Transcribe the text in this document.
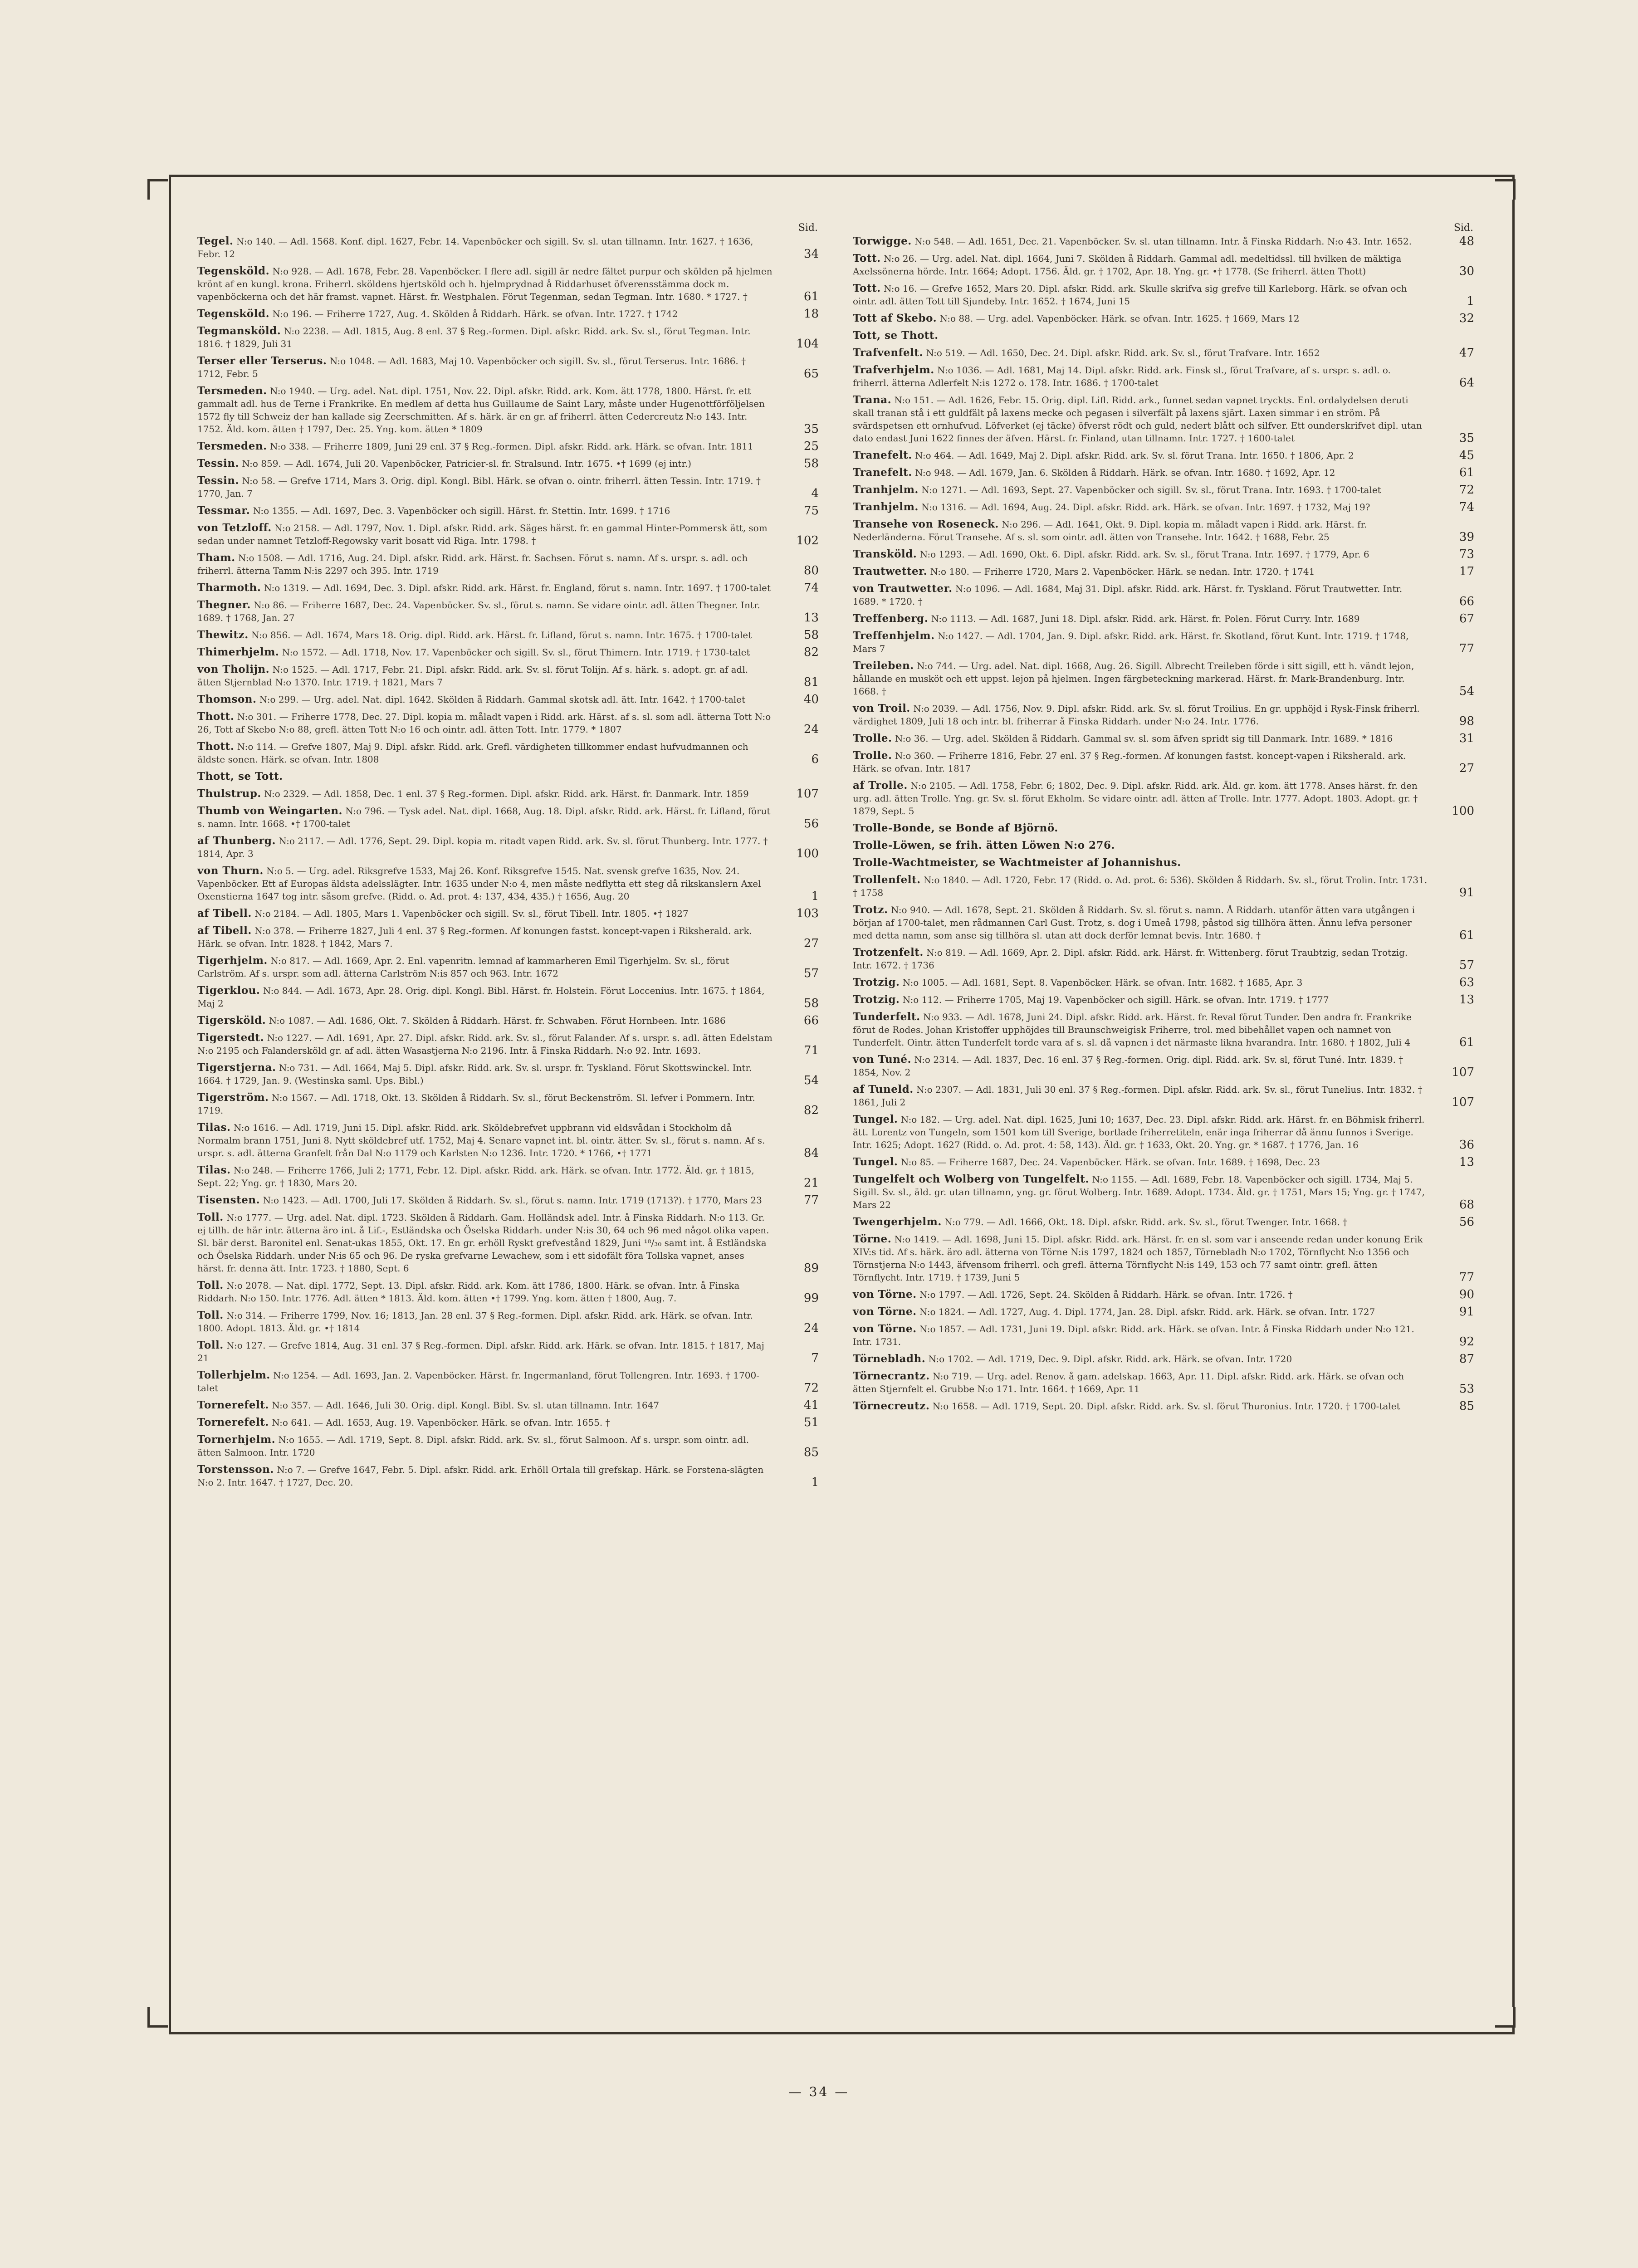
Sid.
Tegel. N:o 140. — Adl. 1568. Konf. dipl. 1627, Febr. 14. Vapenböcker och sigill. Sv. sl. utan tillnamn. Intr. 1627. † 1636, Febr. 12	34
Tegensköld. N:o 928. — Adl. 1678, Febr. 28. Vapenböcker. I flere adl. sigill är nedre fältet purpur och skölden på hjelmen krönt af en kungl. krona. Friherrl. sköldens hjertsköld och h. hjelmprydnad å Riddarhuset öfverensstämma dock m. vapenböckerna och det här framst. vapnet. Härst. fr. Westphalen. Förut Tegenman, sedan Tegman. Intr. 1680. * 1727. †	61
Tegensköld. N:o 196. — Friherre 1727, Aug. 4. Skölden å Riddarh. Härk. se ofvan. Intr. 1727. † 1742	18
Tegmansköld. N:o 2238. — Adl. 1815, Aug. 8 enl. 37 § Reg.-formen. Dipl. afskr. Ridd. ark. Sv. sl., förut Tegman. Intr. 1816. † 1829, Juli 31	104
Terser eller Terserus. N:o 1048. — Adl. 1683, Maj 10. Vapenböcker och sigill. Sv. sl., förut Terserus. Intr. 1686. † 1712, Febr. 5	65
Tersmeden. N:o 1940. — Urg. adel. Nat. dipl. 1751, Nov. 22. Dipl. afskr. Ridd. ark. Kom. ätt 1778, 1800. Härst. fr. ett gammalt adl. hus de Terne i Frankrike. En medlem af detta hus Guillaume de Saint Lary, måste under Hugenottförföljelsen 1572 fly till Schweiz der han kallade sig Zeerschmitten. Af s. härk. är en gr. af friherrl. ätten Cedercreutz N:o 143. Intr. 1752. Äld. kom. ätten † 1797, Dec. 25. Yng. kom. ätten * 1809	35
Tersmeden. N:o 338. — Friherre 1809, Juni 29 enl. 37 § Reg.-formen. Dipl. afskr. Ridd. ark. Härk. se ofvan. Intr. 1811	25
Tessin. N:o 859. — Adl. 1674, Juli 20. Vapenböcker, Patricier-sl. fr. Stralsund. Intr. 1675. •† 1699 (ej intr.)	58
Tessin. N:o 58. — Grefve 1714, Mars 3. Orig. dipl. Kongl. Bibl. Härk. se ofvan o. ointr. friherrl. ätten Tessin. Intr. 1719. † 1770, Jan. 7	4
Tessmar. N:o 1355. — Adl. 1697, Dec. 3. Vapenböcker och sigill. Härst. fr. Stettin. Intr. 1699. † 1716	75
von Tetzloff. N:o 2158. — Adl. 1797, Nov. 1. Dipl. afskr. Ridd. ark. Säges härst. fr. en gammal Hinter-Pommersk ätt, som sedan under namnet Tetzloff-Regowsky varit bosatt vid Riga. Intr. 1798. †	102
Tham. N:o 1508. — Adl. 1716, Aug. 24. Dipl. afskr. Ridd. ark. Härst. fr. Sachsen. Förut s. namn. Af s. urspr. s. adl. och friherrl. ätterna Tamm N:is 2297 och 395. Intr. 1719	80
Tharmoth. N:o 1319. — Adl. 1694, Dec. 3. Dipl. afskr. Ridd. ark. Härst. fr. England, förut s. namn. Intr. 1697. † 1700-talet	74
Thegner. N:o 86. — Friherre 1687, Dec. 24. Vapenböcker. Sv. sl., förut s. namn. Se vidare ointr. adl. ätten Thegner. Intr. 1689. † 1768, Jan. 27	13
Thewitz. N:o 856. — Adl. 1674, Mars 18. Orig. dipl. Ridd. ark. Härst. fr. Lifland, förut s. namn. Intr. 1675. † 1700-talet	58
Thimerhjelm. N:o 1572. — Adl. 1718, Nov. 17. Vapenböcker och sigill. Sv. sl., förut Thimern. Intr. 1719. † 1730-talet	82
von Tholijn. N:o 1525. — Adl. 1717, Febr. 21. Dipl. afskr. Ridd. ark. Sv. sl. förut Tolijn. Af s. härk. s. adopt. gr. af adl. ätten Stjernblad N:o 1370. Intr. 1719. † 1821, Mars 7	81
Thomson. N:o 299. — Urg. adel. Nat. dipl. 1642. Skölden å Riddarh. Gammal skotsk adl. ätt. Intr. 1642. † 1700-talet	40
Thott. N:o 301. — Friherre 1778, Dec. 27. Dipl. kopia m. måladt vapen i Ridd. ark. Härst. af s. sl. som adl. ätterna Tott N:o 26, Tott af Skebo N:o 88, grefl. ätten Tott N:o 16 och ointr. adl. ätten Tott. Intr. 1779. * 1807	24
Thott. N:o 114. — Grefve 1807, Maj 9. Dipl. afskr. Ridd. ark. Grefl. värdigheten tillkommer endast hufvudmannen och äldste sonen. Härk. se ofvan. Intr. 1808	6
Thott, se Tott.
Thulstrup. N:o 2329. — Adl. 1858, Dec. 1 enl. 37 § Reg.-formen. Dipl. afskr. Ridd. ark. Härst. fr. Danmark. Intr. 1859	107
Thumb von Weingarten. N:o 796. — Tysk adel. Nat. dipl. 1668, Aug. 18. Dipl. afskr. Ridd. ark. Härst. fr. Lifland, förut s. namn. Intr. 1668. •† 1700-talet	56
af Thunberg. N:o 2117. — Adl. 1776, Sept. 29. Dipl. kopia m. ritadt vapen Ridd. ark. Sv. sl. förut Thunberg. Intr. 1777. † 1814, Apr. 3	100
von Thurn. N:o 5. — Urg. adel. Riksgrefve 1533, Maj 26. Konf. Riksgrefve 1545. Nat. svensk grefve 1635, Nov. 24. Vapenböcker. Ett af Europas äldsta adelsslägter. Intr. 1635 under N:o 4, men måste nedflytta ett steg då rikskanslern Axel Oxenstierna 1647 tog intr. såsom grefve. (Ridd. o. Ad. prot. 4: 137, 434, 435.) † 1656, Aug. 20	1
af Tibell. N:o 2184. — Adl. 1805, Mars 1. Vapenböcker och sigill. Sv. sl., förut Tibell. Intr. 1805. •† 1827	103
af Tibell. N:o 378. — Friherre 1827, Juli 4 enl. 37 § Reg.-formen. Af konungen fastst. koncept-vapen i Riksherald. ark. Härk. se ofvan. Intr. 1828. † 1842, Mars 7.	27
Tigerhjelm. N:o 817. — Adl. 1669, Apr. 2. Enl. vapenritn. lemnad af kammarheren Emil Tigerhjelm. Sv. sl., förut Carlström. Af s. urspr. som adl. ätterna Carlström N:is 857 och 963. Intr. 1672	57
Tigerklou. N:o 844. — Adl. 1673, Apr. 28. Orig. dipl. Kongl. Bibl. Härst. fr. Holstein. Förut Loccenius. Intr. 1675. † 1864, Maj 2	58
Tigersköld. N:o 1087. — Adl. 1686, Okt. 7. Skölden å Riddarh. Härst. fr. Schwaben. Förut Hornbeen. Intr. 1686	66
Tigerstedt. N:o 1227. — Adl. 1691, Apr. 27. Dipl. afskr. Ridd. ark. Sv. sl., förut Falander. Af s. urspr. s. adl. ätten Edelstam N:o 2195 och Falandersköld gr. af adl. ätten Wasastjerna N:o 2196. Intr. å Finska Riddarh. N:o 92. Intr. 1693.	71
Tigerstjerna. N:o 731. — Adl. 1664, Maj 5. Dipl. afskr. Ridd. ark. Sv. sl. urspr. fr. Tyskland. Förut Skottswinckel. Intr. 1664. † 1729, Jan. 9. (Westinska saml. Ups. Bibl.)	54
Tigerström. N:o 1567. — Adl. 1718, Okt. 13. Skölden å Riddarh. Sv. sl., förut Beckenström. Sl. lefver i Pommern. Intr. 1719.	82
Tilas. N:o 1616. — Adl. 1719, Juni 15. Dipl. afskr. Ridd. ark. Sköldebrefvet uppbrann vid eldsvådan i Stockholm då Normalm brann 1751, Juni 8. Nytt sköldebref utf. 1752, Maj 4. Senare vapnet int. bl. ointr. ätter. Sv. sl., förut s. namn. Af s. urspr. s. adl. ätterna Granfelt från Dal N:o 1179 och Karlsten N:o 1236. Intr. 1720. * 1766, •† 1771	84
Tilas. N:o 248. — Friherre 1766, Juli 2; 1771, Febr. 12. Dipl. afskr. Ridd. ark. Härk. se ofvan. Intr. 1772. Äld. gr. † 1815, Sept. 22; Yng. gr. † 1830, Mars 20.	21
Tisensten. N:o 1423. — Adl. 1700, Juli 17. Skölden å Riddarh. Sv. sl., förut s. namn. Intr. 1719 (1713?). † 1770, Mars 23	77
Toll. N:o 1777. — Urg. adel. Nat. dipl. 1723. Skölden å Riddarh. Gam. Holländsk adel. Intr. å Finska Riddarh. N:o 113. Gr. ej tillh. de här intr. ätterna äro int. å Lif.-, Estländska och Öselska Riddarh. under N:is 30, 64 och 96 med något olika vapen. Sl. bär derst. Baronitel enl. Senat-ukas 1855, Okt. 17. En gr. erhöll Ryskt grefvestånd 1829, Juni ¹⁸/₃₀ samt int. å Estländska och Öselska Riddarh. under N:is 65 och 96. De ryska grefvarne Lewachew, som i ett sidofält föra Tollska vapnet, anses härst. fr. denna ätt. Intr. 1723. † 1880, Sept. 6	89
Toll. N:o 2078. — Nat. dipl. 1772, Sept. 13. Dipl. afskr. Ridd. ark. Kom. ätt 1786, 1800. Härk. se ofvan. Intr. å Finska Riddarh. N:o 150. Intr. 1776. Adl. ätten * 1813. Äld. kom. ätten •† 1799. Yng. kom. ätten † 1800, Aug. 7.	99
Toll. N:o 314. — Friherre 1799, Nov. 16; 1813, Jan. 28 enl. 37 § Reg.-formen. Dipl. afskr. Ridd. ark. Härk. se ofvan. Intr. 1800. Adopt. 1813. Äld. gr. •† 1814	24
Toll. N:o 127. — Grefve 1814, Aug. 31 enl. 37 § Reg.-formen. Dipl. afskr. Ridd. ark. Härk. se ofvan. Intr. 1815. † 1817, Maj 21	7
Tollerhjelm. N:o 1254. — Adl. 1693, Jan. 2. Vapenböcker. Härst. fr. Ingermanland, förut Tollengren. Intr. 1693. † 1700-talet	72
Tornerefelt. N:o 357. — Adl. 1646, Juli 30. Orig. dipl. Kongl. Bibl. Sv. sl. utan tillnamn. Intr. 1647	41
Tornerefelt. N:o 641. — Adl. 1653, Aug. 19. Vapenböcker. Härk. se ofvan. Intr. 1655. †	51
Tornerhjelm. N:o 1655. — Adl. 1719, Sept. 8. Dipl. afskr. Ridd. ark. Sv. sl., förut Salmoon. Af s. urspr. som ointr. adl. ätten Salmoon. Intr. 1720	85
Torstensson. N:o 7. — Grefve 1647, Febr. 5. Dipl. afskr. Ridd. ark. Erhöll Ortala till grefskap. Härk. se Forstena-slägten N:o 2. Intr. 1647. † 1727, Dec. 20.	1
Sid.
Torwigge. N:o 548. — Adl. 1651, Dec. 21. Vapenböcker. Sv. sl. utan tillnamn. Intr. å Finska Riddarh. N:o 43. Intr. 1652.	48
Tott. N:o 26. — Urg. adel. Nat. dipl. 1664, Juni 7. Skölden å Riddarh. Gammal adl. medeltidssl. till hvilken de mäktiga Axelssönerna hörde. Intr. 1664; Adopt. 1756. Äld. gr. † 1702, Apr. 18. Yng. gr. •† 1778. (Se friherrl. ätten Thott)	30
Tott. N:o 16. — Grefve 1652, Mars 20. Dipl. afskr. Ridd. ark. Skulle skrifva sig grefve till Karleborg. Härk. se ofvan och ointr. adl. ätten Tott till Sjundeby. Intr. 1652. † 1674, Juni 15	1
Tott af Skebo. N:o 88. — Urg. adel. Vapenböcker. Härk. se ofvan. Intr. 1625. † 1669, Mars 12	32
Tott, se Thott.
Trafvenfelt. N:o 519. — Adl. 1650, Dec. 24. Dipl. afskr. Ridd. ark. Sv. sl., förut Trafvare. Intr. 1652	47
Trafverhjelm. N:o 1036. — Adl. 1681, Maj 14. Dipl. afskr. Ridd. ark. Finsk sl., förut Trafvare, af s. urspr. s. adl. o. friherrl. ätterna Adlerfelt N:is 1272 o. 178. Intr. 1686. † 1700-talet	64
Trana. N:o 151. — Adl. 1626, Febr. 15. Orig. dipl. Lifl. Ridd. ark., funnet sedan vapnet tryckts. Enl. ordalydelsen deruti skall tranan stå i ett guldfält på laxens mecke och pegasen i silverfält på laxens sjärt. Laxen simmar i en ström. På svärdspetsen ett ornhufvud. Löfverket (ej täcke) öfverst rödt och guld, nedert blått och silfver. Ett ounderskrifvet dipl. utan dato endast Juni 1622 finnes der äfven. Härst. fr. Finland, utan tillnamn. Intr. 1727. † 1600-talet	35
Tranefelt. N:o 464. — Adl. 1649, Maj 2. Dipl. afskr. Ridd. ark. Sv. sl. förut Trana. Intr. 1650. † 1806, Apr. 2	45
Tranefelt. N:o 948. — Adl. 1679, Jan. 6. Skölden å Riddarh. Härk. se ofvan. Intr. 1680. † 1692, Apr. 12	61
Tranhjelm. N:o 1271. — Adl. 1693, Sept. 27. Vapenböcker och sigill. Sv. sl., förut Trana. Intr. 1693. † 1700-talet	72
Tranhjelm. N:o 1316. — Adl. 1694, Aug. 24. Dipl. afskr. Ridd. ark. Härk. se ofvan. Intr. 1697. † 1732, Maj 19?	74
Transehe von Roseneck. N:o 296. — Adl. 1641, Okt. 9. Dipl. kopia m. måladt vapen i Ridd. ark. Härst. fr. Nederländerna. Förut Transehe. Af s. sl. som ointr. adl. ätten von Transehe. Intr. 1642. † 1688, Febr. 25	39
Transköld. N:o 1293. — Adl. 1690, Okt. 6. Dipl. afskr. Ridd. ark. Sv. sl., förut Trana. Intr. 1697. † 1779, Apr. 6	73
Trautwetter. N:o 180. — Friherre 1720, Mars 2. Vapenböcker. Härk. se nedan. Intr. 1720. † 1741	17
von Trautwetter. N:o 1096. — Adl. 1684, Maj 31. Dipl. afskr. Ridd. ark. Härst. fr. Tyskland. Förut Trautwetter. Intr. 1689. * 1720. †	66
Treffenberg. N:o 1113. — Adl. 1687, Juni 18. Dipl. afskr. Ridd. ark. Härst. fr. Polen. Förut Curry. Intr. 1689	67
Treffenhjelm. N:o 1427. — Adl. 1704, Jan. 9. Dipl. afskr. Ridd. ark. Härst. fr. Skotland, förut Kunt. Intr. 1719. † 1748, Mars 7	77
Treileben. N:o 744. — Urg. adel. Nat. dipl. 1668, Aug. 26. Sigill. Albrecht Treileben förde i sitt sigill, ett h. vändt lejon, hållande en musköt och ett uppst. lejon på hjelmen. Ingen färgbeteckning markerad. Härst. fr. Mark-Brandenburg. Intr. 1668. †	54
von Troil. N:o 2039. — Adl. 1756, Nov. 9. Dipl. afskr. Ridd. ark. Sv. sl. förut Troilius. En gr. upphöjd i Rysk-Finsk friherrl. värdighet 1809, Juli 18 och intr. bl. friherrar å Finska Riddarh. under N:o 24. Intr. 1776.	98
Trolle. N:o 36. — Urg. adel. Skölden å Riddarh. Gammal sv. sl. som äfven spridt sig till Danmark. Intr. 1689. * 1816	31
Trolle. N:o 360. — Friherre 1816, Febr. 27 enl. 37 § Reg.-formen. Af konungen fastst. koncept-vapen i Riksherald. ark. Härk. se ofvan. Intr. 1817	27
af Trolle. N:o 2105. — Adl. 1758, Febr. 6; 1802, Dec. 9. Dipl. afskr. Ridd. ark. Äld. gr. kom. ätt 1778. Anses härst. fr. den urg. adl. ätten Trolle. Yng. gr. Sv. sl. förut Ekholm. Se vidare ointr. adl. ätten af Trolle. Intr. 1777. Adopt. 1803. Adopt. gr. † 1879, Sept. 5	100
Trolle-Bonde, se Bonde af Björnö.
Trolle-Löwen, se frih. ätten Löwen N:o 276.
Trolle-Wachtmeister, se Wachtmeister af Johannishus.
Trollenfelt. N:o 1840. — Adl. 1720, Febr. 17 (Ridd. o. Ad. prot. 6: 536). Skölden å Riddarh. Sv. sl., förut Trolin. Intr. 1731. † 1758	91
Trotz. N:o 940. — Adl. 1678, Sept. 21. Skölden å Riddarh. Sv. sl. förut s. namn. Å Riddarh. utanför ätten vara utgången i början af 1700-talet, men rådmannen Carl Gust. Trotz, s. dog i Umeå 1798, påstod sig tillhöra ätten. Ännu lefva personer med detta namn, som anse sig tillhöra sl. utan att dock derför lemnat bevis. Intr. 1680. †	61
Trotzenfelt. N:o 819. — Adl. 1669, Apr. 2. Dipl. afskr. Ridd. ark. Härst. fr. Wittenberg. förut Traubtzig, sedan Trotzig. Intr. 1672. † 1736	57
Trotzig. N:o 1005. — Adl. 1681, Sept. 8. Vapenböcker. Härk. se ofvan. Intr. 1682. † 1685, Apr. 3	63
Trotzig. N:o 112. — Friherre 1705, Maj 19. Vapenböcker och sigill. Härk. se ofvan. Intr. 1719. † 1777	13
Tunderfelt. N:o 933. — Adl. 1678, Juni 24. Dipl. afskr. Ridd. ark. Härst. fr. Reval förut Tunder. Den andra fr. Frankrike förut de Rodes. Johan Kristoffer upphöjdes till Braunschweigisk Friherre, trol. med bibehållet vapen och namnet von Tunderfelt. Ointr. ätten Tunderfelt torde vara af s. sl. då vapnen i det närmaste likna hvarandra. Intr. 1680. † 1802, Juli 4	61
von Tuné. N:o 2314. — Adl. 1837, Dec. 16 enl. 37 § Reg.-formen. Orig. dipl. Ridd. ark. Sv. sl, förut Tuné. Intr. 1839. † 1854, Nov. 2	107
af Tuneld. N:o 2307. — Adl. 1831, Juli 30 enl. 37 § Reg.-formen. Dipl. afskr. Ridd. ark. Sv. sl., förut Tunelius. Intr. 1832. † 1861, Juli 2	107
Tungel. N:o 182. — Urg. adel. Nat. dipl. 1625, Juni 10; 1637, Dec. 23. Dipl. afskr. Ridd. ark. Härst. fr. en Böhmisk friherrl. ätt. Lorentz von Tungeln, som 1501 kom till Sverige, bortlade friherretiteln, enär inga friherrar då ännu funnos i Sverige. Intr. 1625; Adopt. 1627 (Ridd. o. Ad. prot. 4: 58, 143). Äld. gr. † 1633, Okt. 20. Yng. gr. * 1687. † 1776, Jan. 16	36
Tungel. N:o 85. — Friherre 1687, Dec. 24. Vapenböcker. Härk. se ofvan. Intr. 1689. † 1698, Dec. 23	13
Tungelfelt och Wolberg von Tungelfelt. N:o 1155. — Adl. 1689, Febr. 18. Vapenböcker och sigill. 1734, Maj 5. Sigill. Sv. sl., äld. gr. utan tillnamn, yng. gr. förut Wolberg. Intr. 1689. Adopt. 1734. Äld. gr. † 1751, Mars 15; Yng. gr. † 1747, Mars 22	68
Twengerhjelm. N:o 779. — Adl. 1666, Okt. 18. Dipl. afskr. Ridd. ark. Sv. sl., förut Twenger. Intr. 1668. †	56
Törne. N:o 1419. — Adl. 1698, Juni 15. Dipl. afskr. Ridd. ark. Härst. fr. en sl. som var i anseende redan under konung Erik XIV:s tid. Af s. härk. äro adl. ätterna von Törne N:is 1797, 1824 och 1857, Törnebladh N:o 1702, Törnflycht N:o 1356 och Törnstjerna N:o 1443, äfvensom friherrl. och grefl. ätterna Törnflycht N:is 149, 153 och 77 samt ointr. grefl. ätten Törnflycht. Intr. 1719. † 1739, Juni 5	77
von Törne. N:o 1797. — Adl. 1726, Sept. 24. Skölden å Riddarh. Härk. se ofvan. Intr. 1726. †	90
von Törne. N:o 1824. — Adl. 1727, Aug. 4. Dipl. 1774, Jan. 28. Dipl. afskr. Ridd. ark. Härk. se ofvan. Intr. 1727	91
von Törne. N:o 1857. — Adl. 1731, Juni 19. Dipl. afskr. Ridd. ark. Härk. se ofvan. Intr. å Finska Riddarh under N:o 121. Intr. 1731.	92
Törnebladh. N:o 1702. — Adl. 1719, Dec. 9. Dipl. afskr. Ridd. ark. Härk. se ofvan. Intr. 1720	87
Törnecrantz. N:o 719. — Urg. adel. Renov. å gam. adelskap. 1663, Apr. 11. Dipl. afskr. Ridd. ark. Härk. se ofvan och ätten Stjernfelt el. Grubbe N:o 171. Intr. 1664. † 1669, Apr. 11	53
Törnecreutz. N:o 1658. — Adl. 1719, Sept. 20. Dipl. afskr. Ridd. ark. Sv. sl. förut Thuronius. Intr. 1720. † 1700-talet	85
— 34 —
